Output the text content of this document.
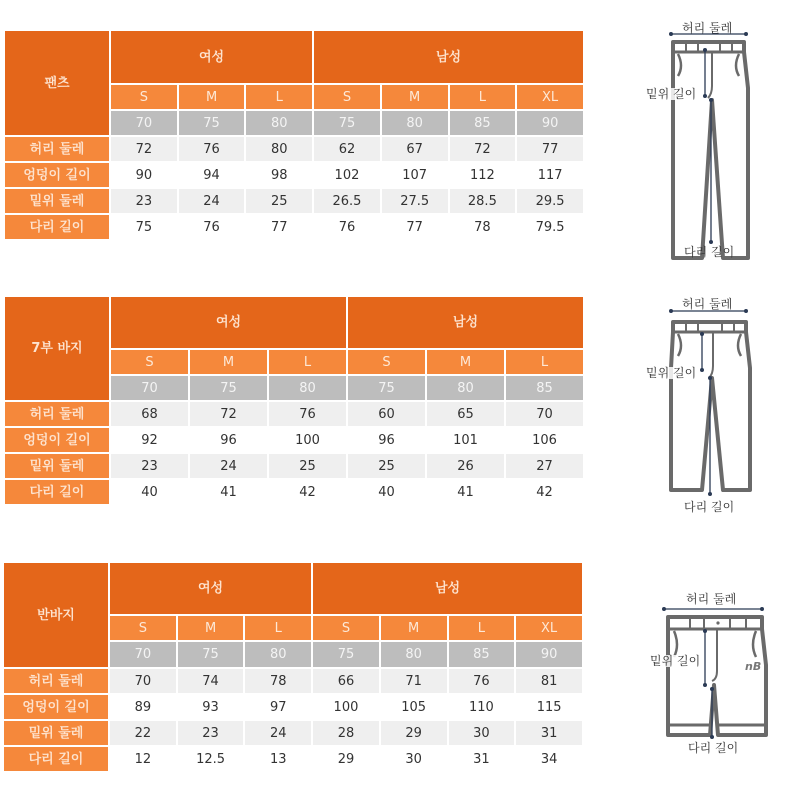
팬츠	여성			남성			
	S	M	L	S	M	L	XL
	70	75	80	75	80	85	90
허리 둘레	72	76	80	62	67	72	77
엉덩이 길이	90	94	98	102	107	112	117
밑위 둘레	23	24	25	26.5	27.5	28.5	29.5
다리 길이	75	76	77	76	77	78	79.5
허리 둘레
밑위 길이
다리 길이
7부 바지	여성			남성		
	S	M	L	S	M	L
	70	75	80	75	80	85
허리 둘레	68	72	76	60	65	70
엉덩이 길이	92	96	100	96	101	106
밑위 둘레	23	24	25	25	26	27
다리 길이	40	41	42	40	41	42
허리 둘레
밑위 길이
다리 길이
반바지	여성			남성			
	S	M	L	S	M	L	XL
	70	75	80	75	80	85	90
허리 둘레	70	74	78	66	71	76	81
엉덩이 길이	89	93	97	100	105	110	115
밑위 둘레	22	23	24	28	29	30	31
다리 길이	12	12.5	13	29	30	31	34
nB
허리 둘레
밑위 길이
다리 길이
